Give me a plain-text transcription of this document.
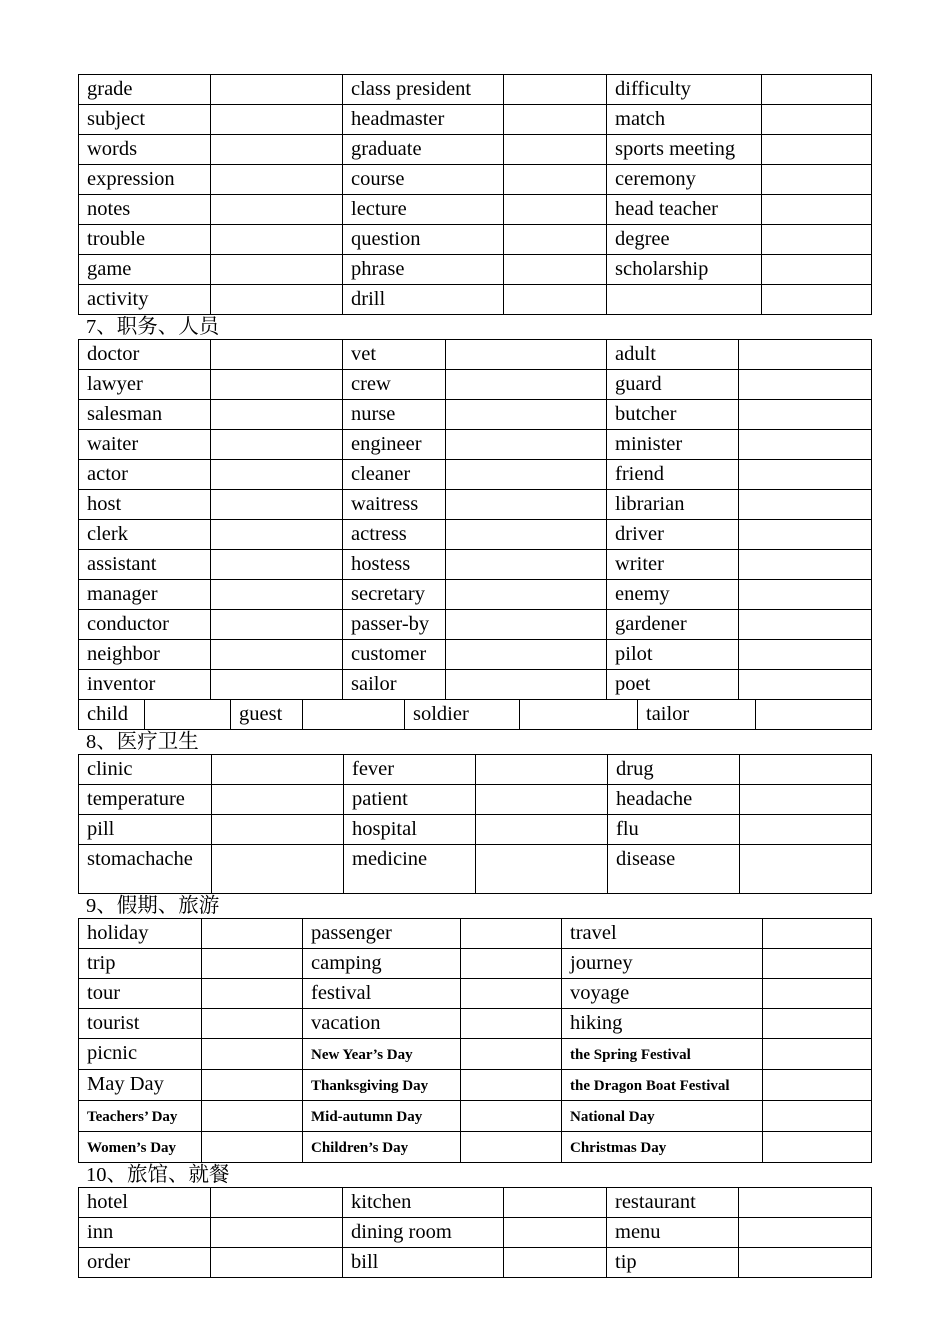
grade		class president		difficulty	
subject		headmaster		match	
words		graduate		sports meeting	
expression		course		ceremony	
notes		lecture		head teacher	
trouble		question		degree	
game		phrase		scholarship	
activity		drill			
7、职务、人员
doctor		vet		adult	
lawyer		crew		guard	
salesman		nurse		butcher	
waiter		engineer		minister	
actor		cleaner		friend	
host		waitress		librarian	
clerk		actress		driver	
assistant		hostess		writer	
manager		secretary		enemy	
conductor		passer-by		gardener	
neighbor		customer		pilot	
inventor		sailor		poet	
child		guest		soldier		tailor	
8、医疗卫生
clinic		fever		drug	
temperature		patient		headache	
pill		hospital		flu	
stomachache		medicine		disease	
9、假期、旅游
holiday		passenger		travel	
trip		camping		journey	
tour		festival		voyage	
tourist		vacation		hiking	
picnic		New Year’s Day		the Spring Festival	
May Day		Thanksgiving Day		the Dragon Boat Festival	
Teachers’ Day		Mid-autumn Day		National Day	
Women’s Day		Children’s Day		Christmas Day	
10、旅馆、就餐
hotel		kitchen		restaurant	
inn		dining room		menu	
order		bill		tip	
